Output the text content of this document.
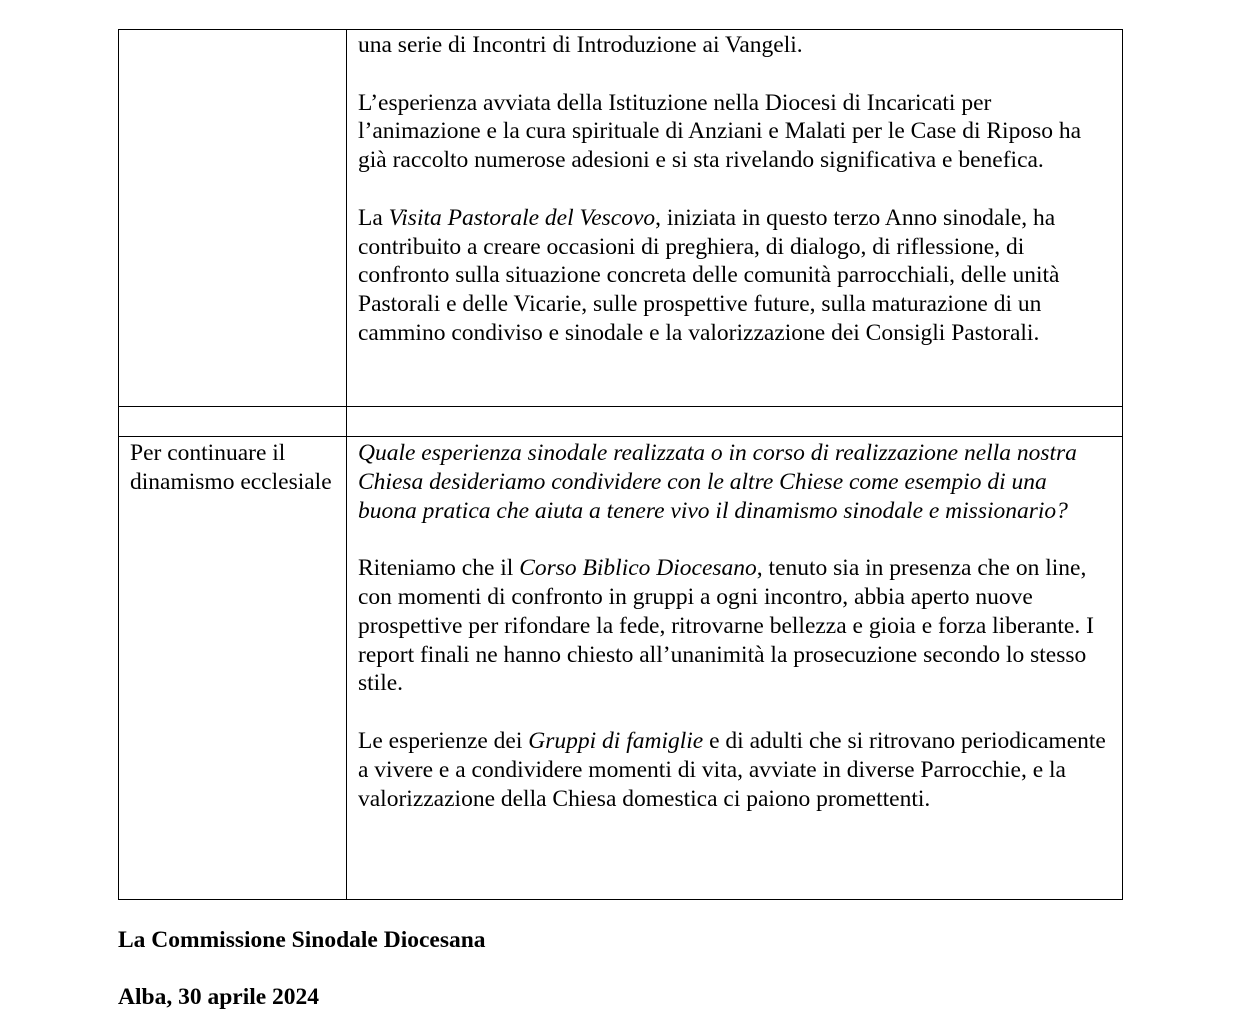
	una serie di Incontri di Introduzione ai Vangeli.

L’esperienza avviata della Istituzione nella Diocesi di Incaricati per l’animazione e la cura spirituale di Anziani e Malati per le Case di Riposo ha già raccolto numerose adesioni e si sta rivelando significativa e benefica.

La Visita Pastorale del Vescovo, iniziata in questo terzo Anno sinodale, ha contribuito a creare occasioni di preghiera, di dialogo, di riflessione, di confronto sulla situazione concreta delle comunità parrocchiali, delle unità Pastorali e delle Vicarie, sulle prospettive future, sulla maturazione di un cammino condiviso e sinodale e la valorizzazione dei Consigli Pastorali.

Per continuare il dinamismo ecclesiale	Quale esperienza sinodale realizzata o in corso di realizzazione nella nostra Chiesa desideriamo condividere con le altre Chiese come esempio di una buona pratica che aiuta a tenere vivo il dinamismo sinodale e missionario?

Riteniamo che il Corso Biblico Diocesano, tenuto sia in presenza che on line, con momenti di confronto in gruppi a ogni incontro, abbia aperto nuove prospettive per rifondare la fede, ritrovarne bellezza e gioia e forza liberante. I report finali ne hanno chiesto all’unanimità la prosecuzione secondo lo stesso stile.

Le esperienze dei Gruppi di famiglie e di adulti che si ritrovano periodicamente a vivere e a condividere momenti di vita, avviate in diverse Parrocchie, e la valorizzazione della Chiesa domestica ci paiono promettenti.

La Commissione Sinodale Diocesana

Alba, 30 aprile 2024
